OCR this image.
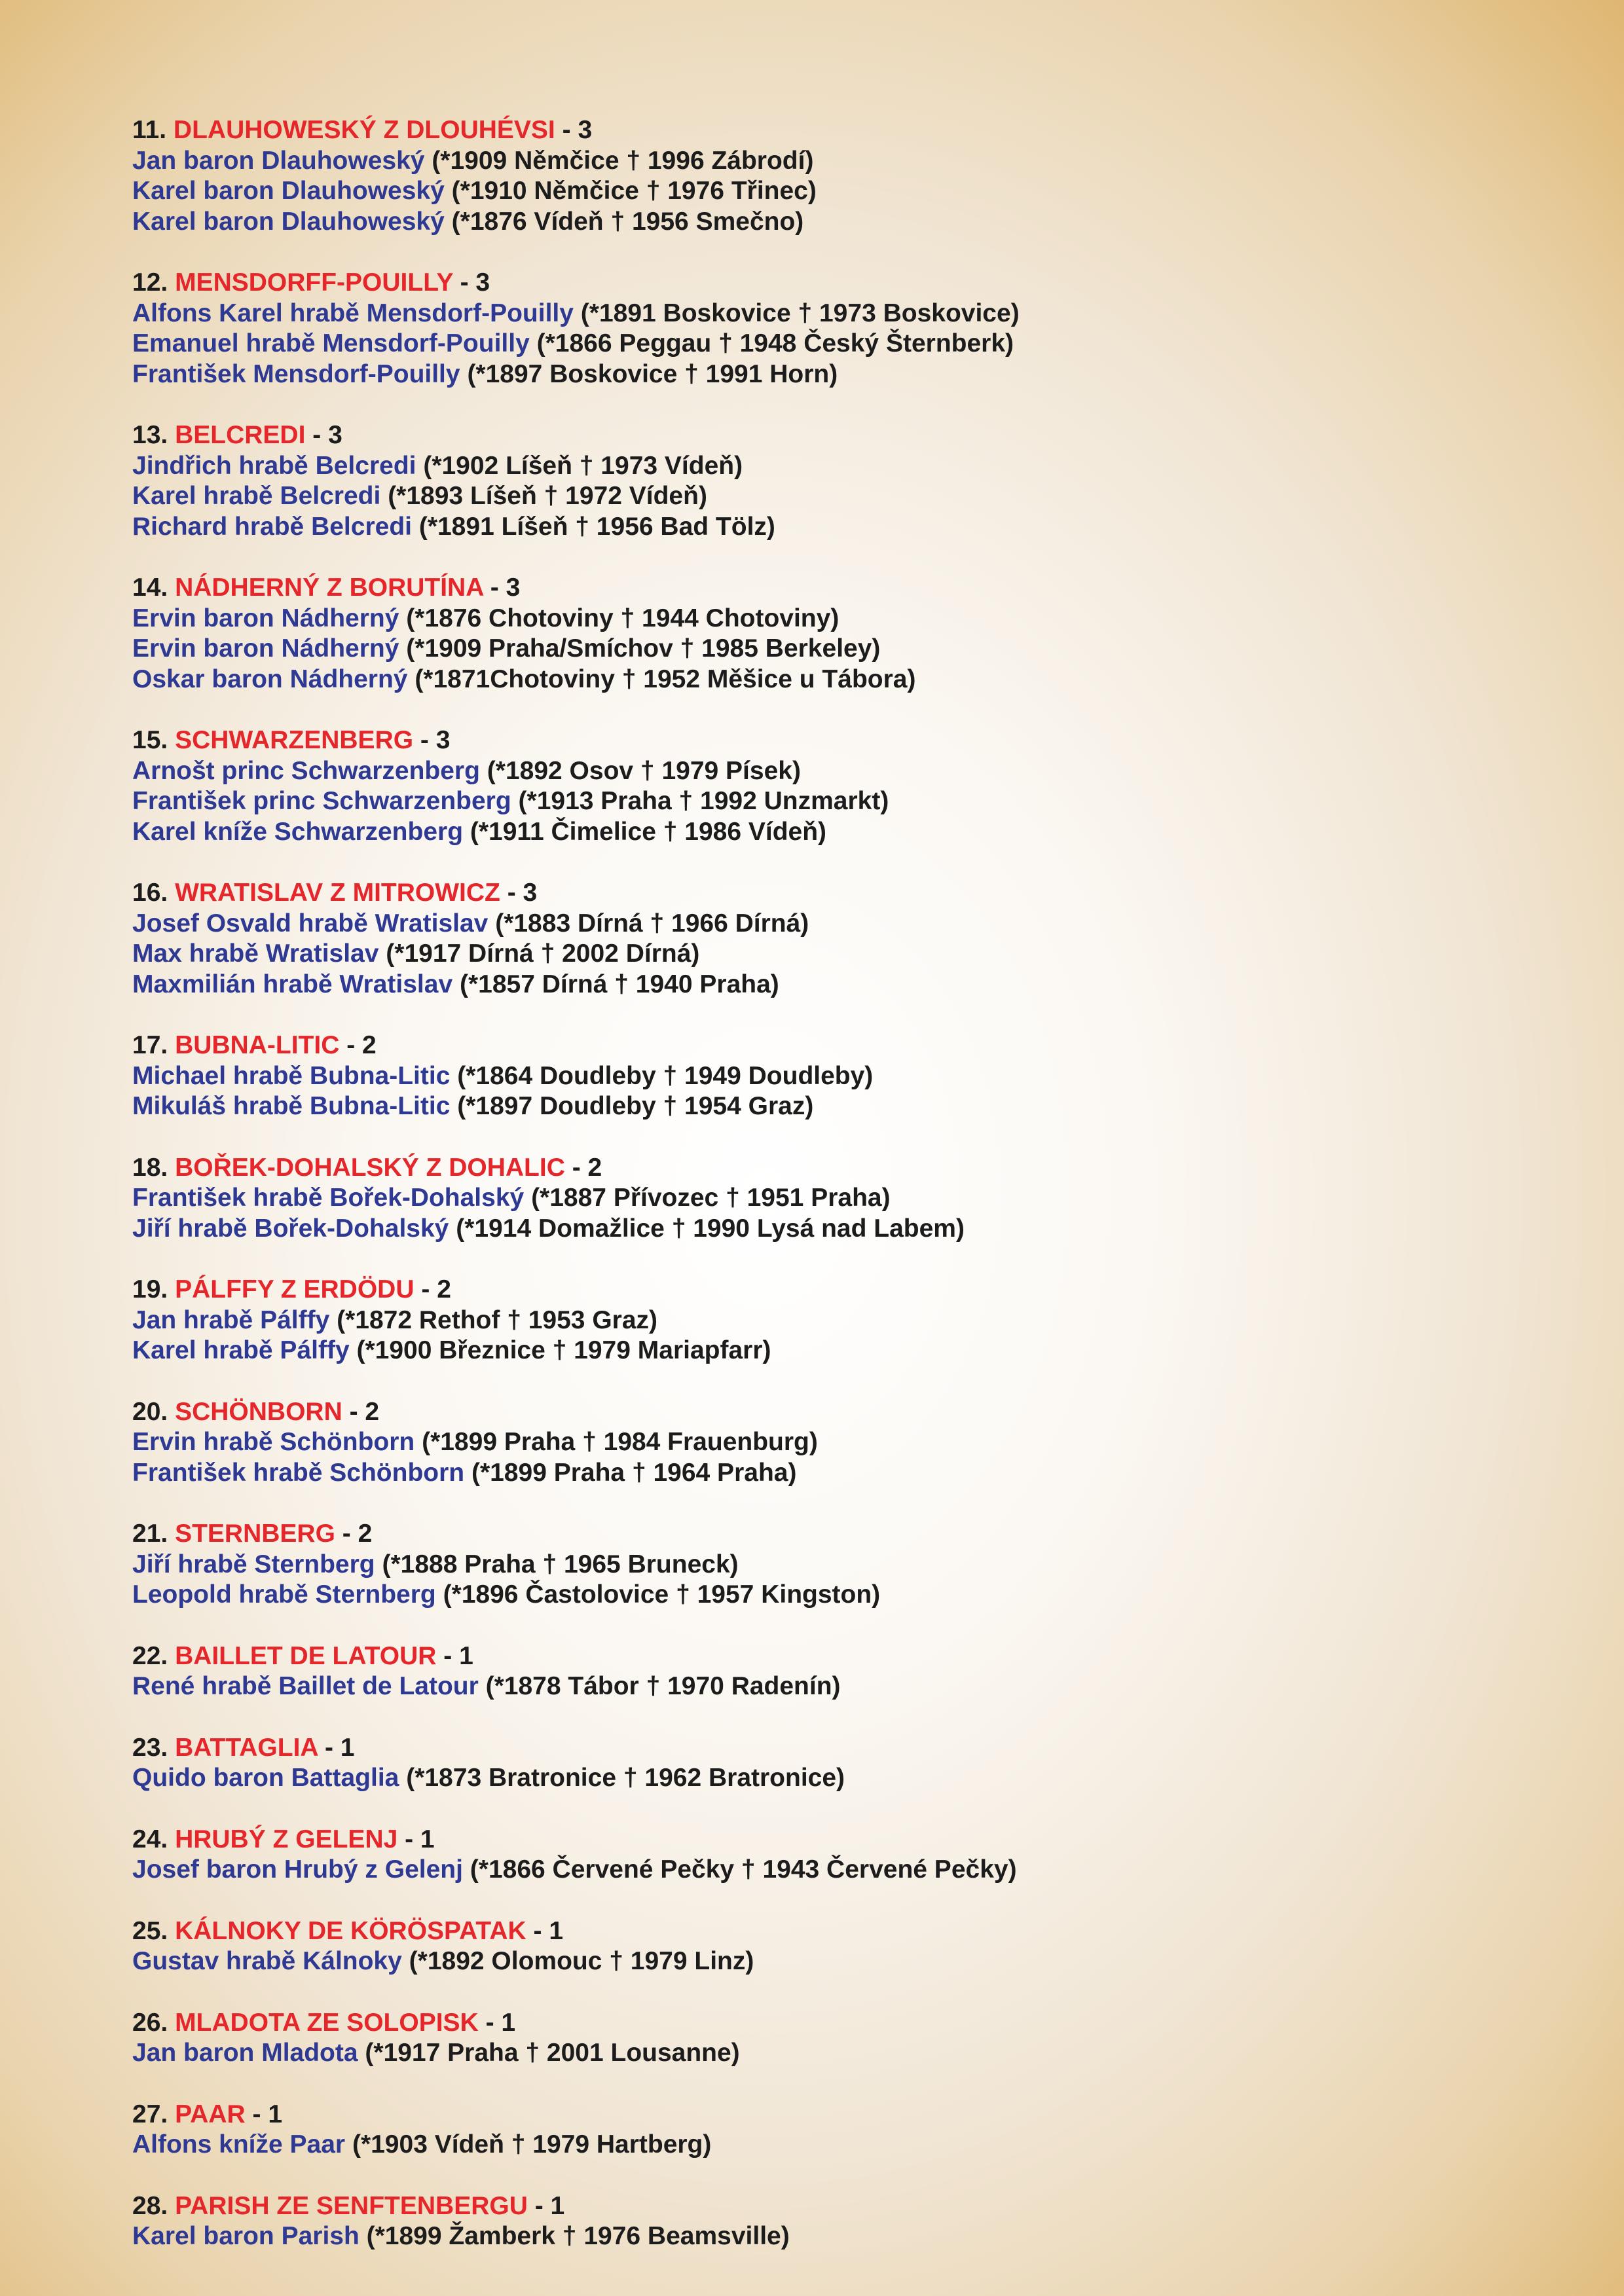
11. DLAUHOWESKÝ Z DLOUHÉVSI - 3
Jan baron Dlauhoweský (*1909 Němčice † 1996 Zábrodí)
Karel baron Dlauhoweský (*1910 Němčice † 1976 Třinec)
Karel baron Dlauhoweský (*1876 Vídeň † 1956 Smečno)
12. MENSDORFF-POUILLY - 3
Alfons Karel hrabě Mensdorf-Pouilly (*1891 Boskovice † 1973 Boskovice)
Emanuel hrabě Mensdorf-Pouilly (*1866 Peggau † 1948 Český Šternberk)
František Mensdorf-Pouilly (*1897 Boskovice † 1991 Horn)
13. BELCREDI - 3
Jindřich hrabě Belcredi (*1902 Líšeň † 1973 Vídeň)
Karel hrabě Belcredi (*1893 Líšeň † 1972 Vídeň)
Richard hrabě Belcredi (*1891 Líšeň † 1956 Bad Tölz)
14. NÁDHERNÝ Z BORUTÍNA - 3
Ervin baron Nádherný (*1876 Chotoviny † 1944 Chotoviny)
Ervin baron Nádherný (*1909 Praha/Smíchov † 1985 Berkeley)
Oskar baron Nádherný (*1871Chotoviny † 1952 Měšice u Tábora)
15. SCHWARZENBERG - 3
Arnošt princ Schwarzenberg (*1892 Osov † 1979 Písek)
František princ Schwarzenberg (*1913 Praha † 1992 Unzmarkt)
Karel kníže Schwarzenberg (*1911 Čimelice † 1986 Vídeň)
16. WRATISLAV Z MITROWICZ - 3
Josef Osvald hrabě Wratislav (*1883 Dírná † 1966 Dírná)
Max hrabě Wratislav (*1917 Dírná † 2002 Dírná)
Maxmilián hrabě Wratislav (*1857 Dírná † 1940 Praha)
17. BUBNA-LITIC - 2
Michael hrabě Bubna-Litic (*1864 Doudleby † 1949 Doudleby)
Mikuláš hrabě Bubna-Litic (*1897 Doudleby † 1954 Graz)
18. BOŘEK-DOHALSKÝ Z DOHALIC - 2
František hrabě Bořek-Dohalský (*1887 Přívozec † 1951 Praha)
Jiří hrabě Bořek-Dohalský (*1914 Domažlice † 1990 Lysá nad Labem)
19. PÁLFFY Z ERDÖDU - 2
Jan hrabě Pálffy (*1872 Rethof † 1953 Graz)
Karel hrabě Pálffy (*1900 Březnice † 1979 Mariapfarr)
20. SCHÖNBORN - 2
Ervin hrabě Schönborn (*1899 Praha † 1984 Frauenburg)
František hrabě Schönborn (*1899 Praha † 1964 Praha)
21. STERNBERG - 2
Jiří hrabě Sternberg (*1888 Praha † 1965 Bruneck)
Leopold hrabě Sternberg (*1896 Častolovice † 1957 Kingston)
22. BAILLET DE LATOUR - 1
René hrabě Baillet de Latour (*1878 Tábor † 1970 Radenín)
23. BATTAGLIA - 1
Quido baron Battaglia (*1873 Bratronice † 1962 Bratronice)
24. HRUBÝ Z GELENJ - 1
Josef baron Hrubý z Gelenj (*1866 Červené Pečky † 1943 Červené Pečky)
25. KÁLNOKY DE KÖRÖSPATAK - 1
Gustav hrabě Kálnoky (*1892 Olomouc † 1979 Linz)
26. MLADOTA ZE SOLOPISK - 1
Jan baron Mladota (*1917 Praha † 2001 Lousanne)
27. PAAR - 1
Alfons kníže Paar (*1903 Vídeň † 1979 Hartberg)
28. PARISH ZE SENFTENBERGU - 1
Karel baron Parish (*1899 Žamberk † 1976 Beamsville)
